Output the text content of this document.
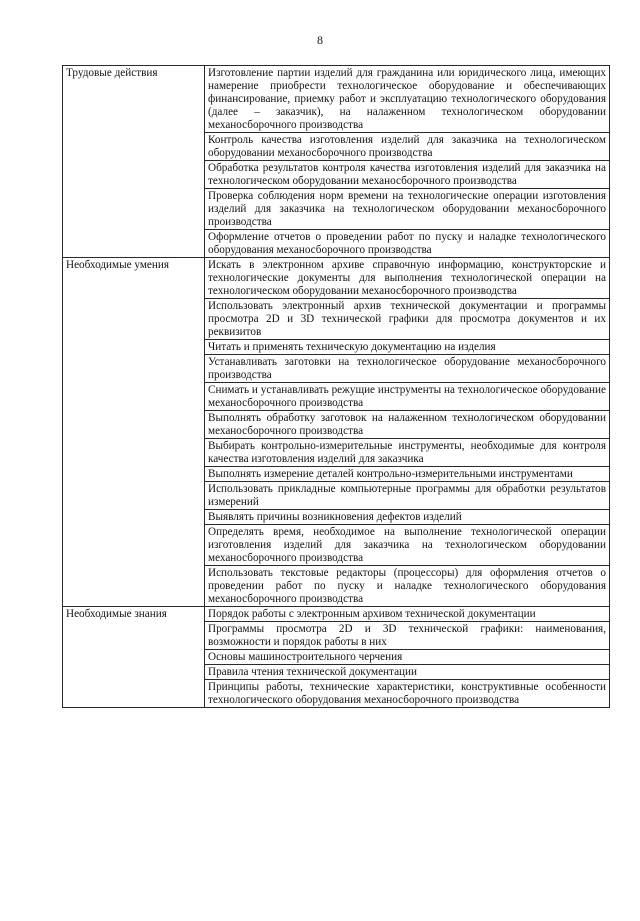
8
Трудовые действия	Изготовление партии изделий для гражданина или юридического лица, имеющих намерение приобрести технологическое оборудование и обеспечивающих финансирование, приемку работ и эксплуатацию технологического оборудования (далее – заказчик), на налаженном технологическом оборудовании механосборочного производства
	Контроль качества изготовления изделий для заказчика на технологическом оборудовании механосборочного производства
	Обработка результатов контроля качества изготовления изделий для заказчика на технологическом оборудовании механосборочного производства
	Проверка соблюдения норм времени на технологические операции изготовления изделий для заказчика на технологическом оборудовании механосборочного производства
	Оформление отчетов о проведении работ по пуску и наладке технологического оборудования механосборочного производства
Необходимые умения	Искать в электронном архиве справочную информацию, конструкторские и технологические документы для выполнения технологической операции на технологическом оборудовании механосборочного производства
	Использовать электронный архив технической документации и программы просмотра 2D и 3D технической графики для просмотра документов и их реквизитов
	Читать и применять техническую документацию на изделия
	Устанавливать заготовки на технологическое оборудование механосборочного производства
	Снимать и устанавливать режущие инструменты на технологическое оборудование механосборочного производства
	Выполнять обработку заготовок на налаженном технологическом оборудовании механосборочного производства
	Выбирать контрольно-измерительные инструменты, необходимые для контроля качества изготовления изделий для заказчика
	Выполнять измерение деталей контрольно-измерительными инструментами
	Использовать прикладные компьютерные программы для обработки результатов измерений
	Выявлять причины возникновения дефектов изделий
	Определять время, необходимое на выполнение технологической операции изготовления изделий для заказчика на технологическом оборудовании механосборочного производства
	Использовать текстовые редакторы (процессоры) для оформления отчетов о проведении работ по пуску и наладке технологического оборудования механосборочного производства
Необходимые знания	Порядок работы с электронным архивом технической документации
	Программы просмотра 2D и 3D технической графики: наименования, возможности и порядок работы в них
	Основы машиностроительного черчения
	Правила чтения технической документации
	Принципы работы, технические характеристики, конструктивные особенности технологического оборудования механосборочного производства
